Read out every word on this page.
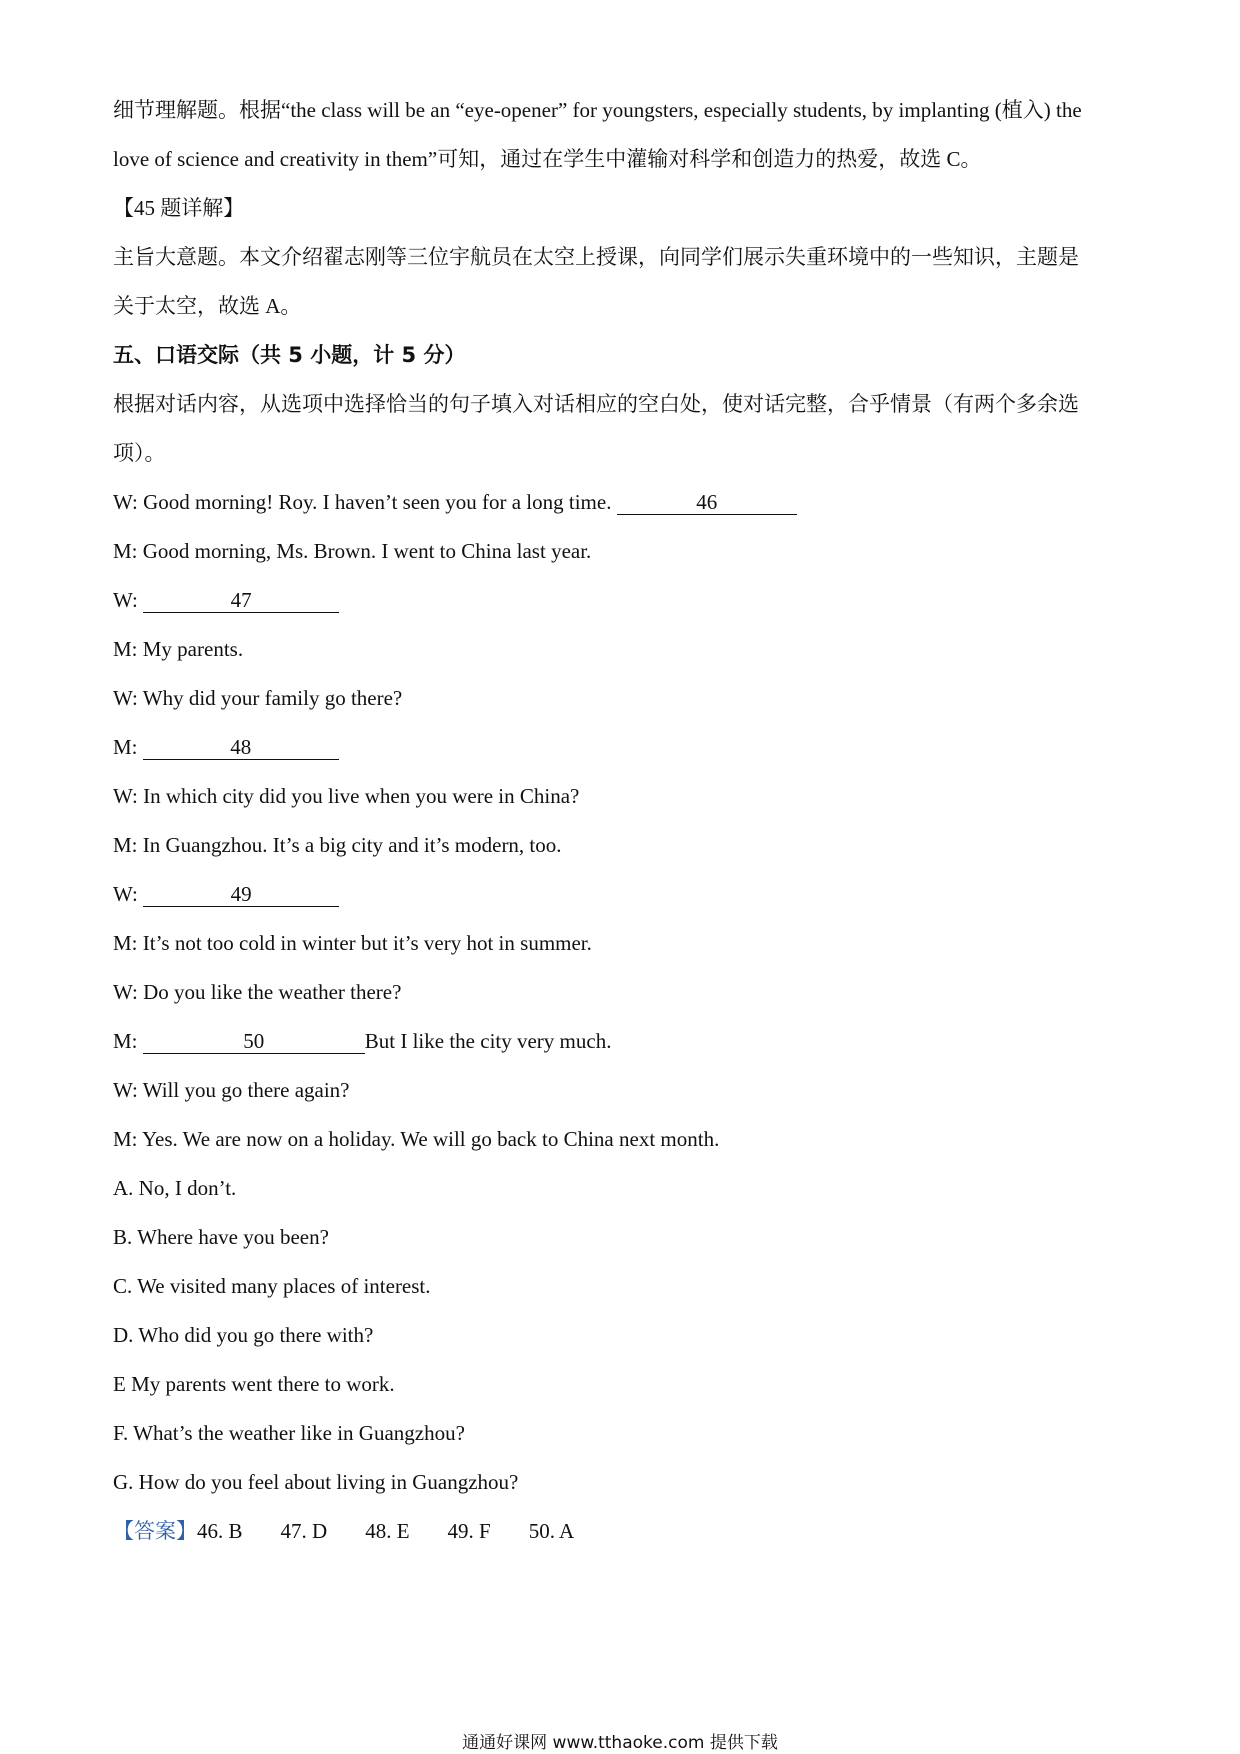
细节理解题。根据“the class will be an “eye-opener” for youngsters, especially students, by implanting (植入) the
love of science and creativity in them”可知，通过在学生中灌输对科学和创造力的热爱，故选 C。
【45 题详解】
主旨大意题。本文介绍翟志刚等三位宇航员在太空上授课，向同学们展示失重环境中的一些知识，主题是
关于太空，故选 A。
五、口语交际（共 5 小题，计 5 分）
根据对话内容，从选项中选择恰当的句子填入对话相应的空白处，使对话完整，合乎情景（有两个多余选
项）。
W: Good morning! Roy. I haven’t seen you for a long time.	46
M: Good morning, Ms. Brown. I went to China last year.
W:	47
M: My parents.
W: Why did your family go there?
M:	48
W: In which city did you live when you were in China?
M: In Guangzhou. It’s a big city and it’s modern, too.
W:	49
M: It’s not too cold in winter but it’s very hot in summer.
W: Do you like the weather there?
M:	50	But I like the city very much.
W: Will you go there again?
M: Yes. We are now on a holiday. We will go back to China next month.
A. No, I don’t.
B. Where have you been?
C. We visited many places of interest.
D. Who did you go there with?
E My parents went there to work.
F. What’s the weather like in Guangzhou?
G. How do you feel about living in Guangzhou?
【答案】46. B 47. D 48. E 49. F 50. A
通通好课网 www.tthaoke.com 提供下载
